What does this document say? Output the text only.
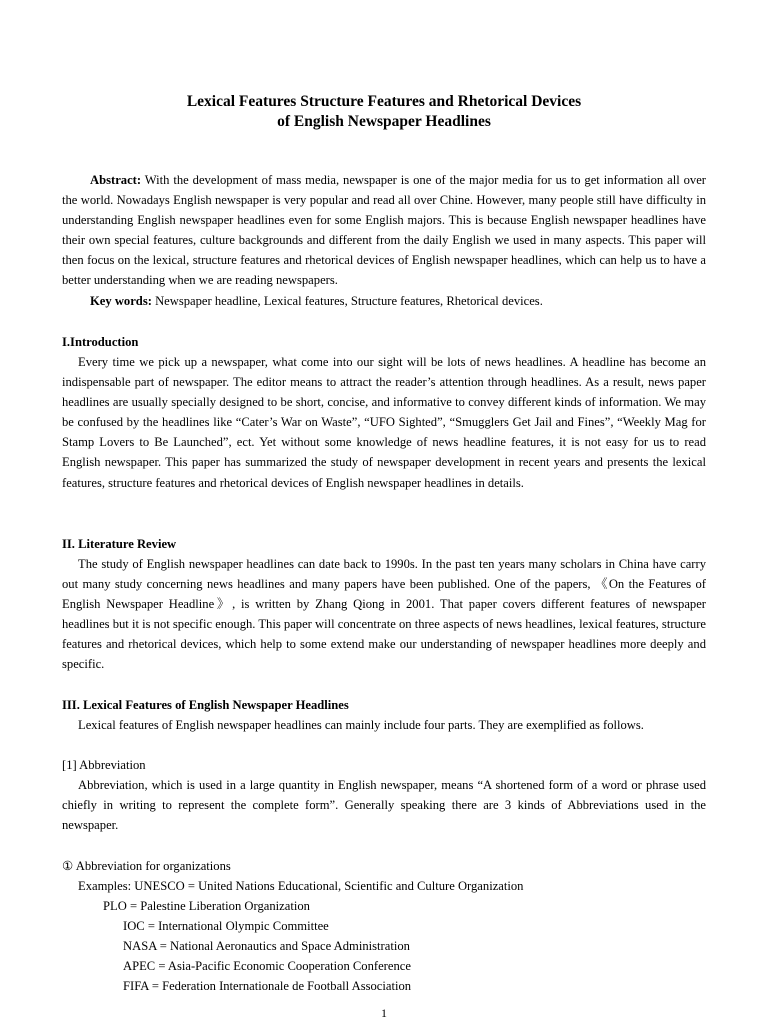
Lexical Features Structure Features and Rhetorical Devices
of English Newspaper Headlines
Abstract: With the development of mass media, newspaper is one of the major media for us to get information all over the world. Nowadays English newspaper is very popular and read all over Chine. However, many people still have difficulty in understanding English newspaper headlines even for some English majors. This is because English newspaper headlines have their own special features, culture backgrounds and different from the daily English we used in many aspects. This paper will then focus on the lexical, structure features and rhetorical devices of English newspaper headlines, which can help us to have a better understanding when we are reading newspapers.
Key words: Newspaper headline, Lexical features, Structure features, Rhetorical devices.
I.Introduction
Every time we pick up a newspaper, what come into our sight will be lots of news headlines. A headline has become an indispensable part of newspaper. The editor means to attract the reader’s attention through headlines. As a result, news paper headlines are usually specially designed to be short, concise, and informative to convey different kinds of information. We may be confused by the headlines like “Cater’s War on Waste”, “UFO Sighted”, “Smugglers Get Jail and Fines”, “Weekly Mag for Stamp Lovers to Be Launched”, ect. Yet without some knowledge of news headline features, it is not easy for us to read English newspaper. This paper has summarized the study of newspaper development in recent years and presents the lexical features, structure features and rhetorical devices of English newspaper headlines in details.
II. Literature Review
The study of English newspaper headlines can date back to 1990s. In the past ten years many scholars in China have carry out many study concerning news headlines and many papers have been published. One of the papers, 《On the Features of English Newspaper Headline》, is written by Zhang Qiong in 2001. That paper covers different features of newspaper headlines but it is not specific enough. This paper will concentrate on three aspects of news headlines, lexical features, structure features and rhetorical devices, which help to some extend make our understanding of newspaper headlines more deeply and specific.
III. Lexical Features of English Newspaper Headlines
Lexical features of English newspaper headlines can mainly include four parts. They are exemplified as follows.
[1] Abbreviation
Abbreviation, which is used in a large quantity in English newspaper, means “A shortened form of a word or phrase used chiefly in writing to represent the complete form”. Generally speaking there are 3 kinds of Abbreviations used in the newspaper.
① Abbreviation for organizations
Examples: UNESCO = United Nations Educational, Scientific and Culture Organization
PLO = Palestine Liberation Organization
IOC = International Olympic Committee
NASA = National Aeronautics and Space Administration
APEC = Asia-Pacific Economic Cooperation Conference
FIFA = Federation Internationale de Football Association
1
